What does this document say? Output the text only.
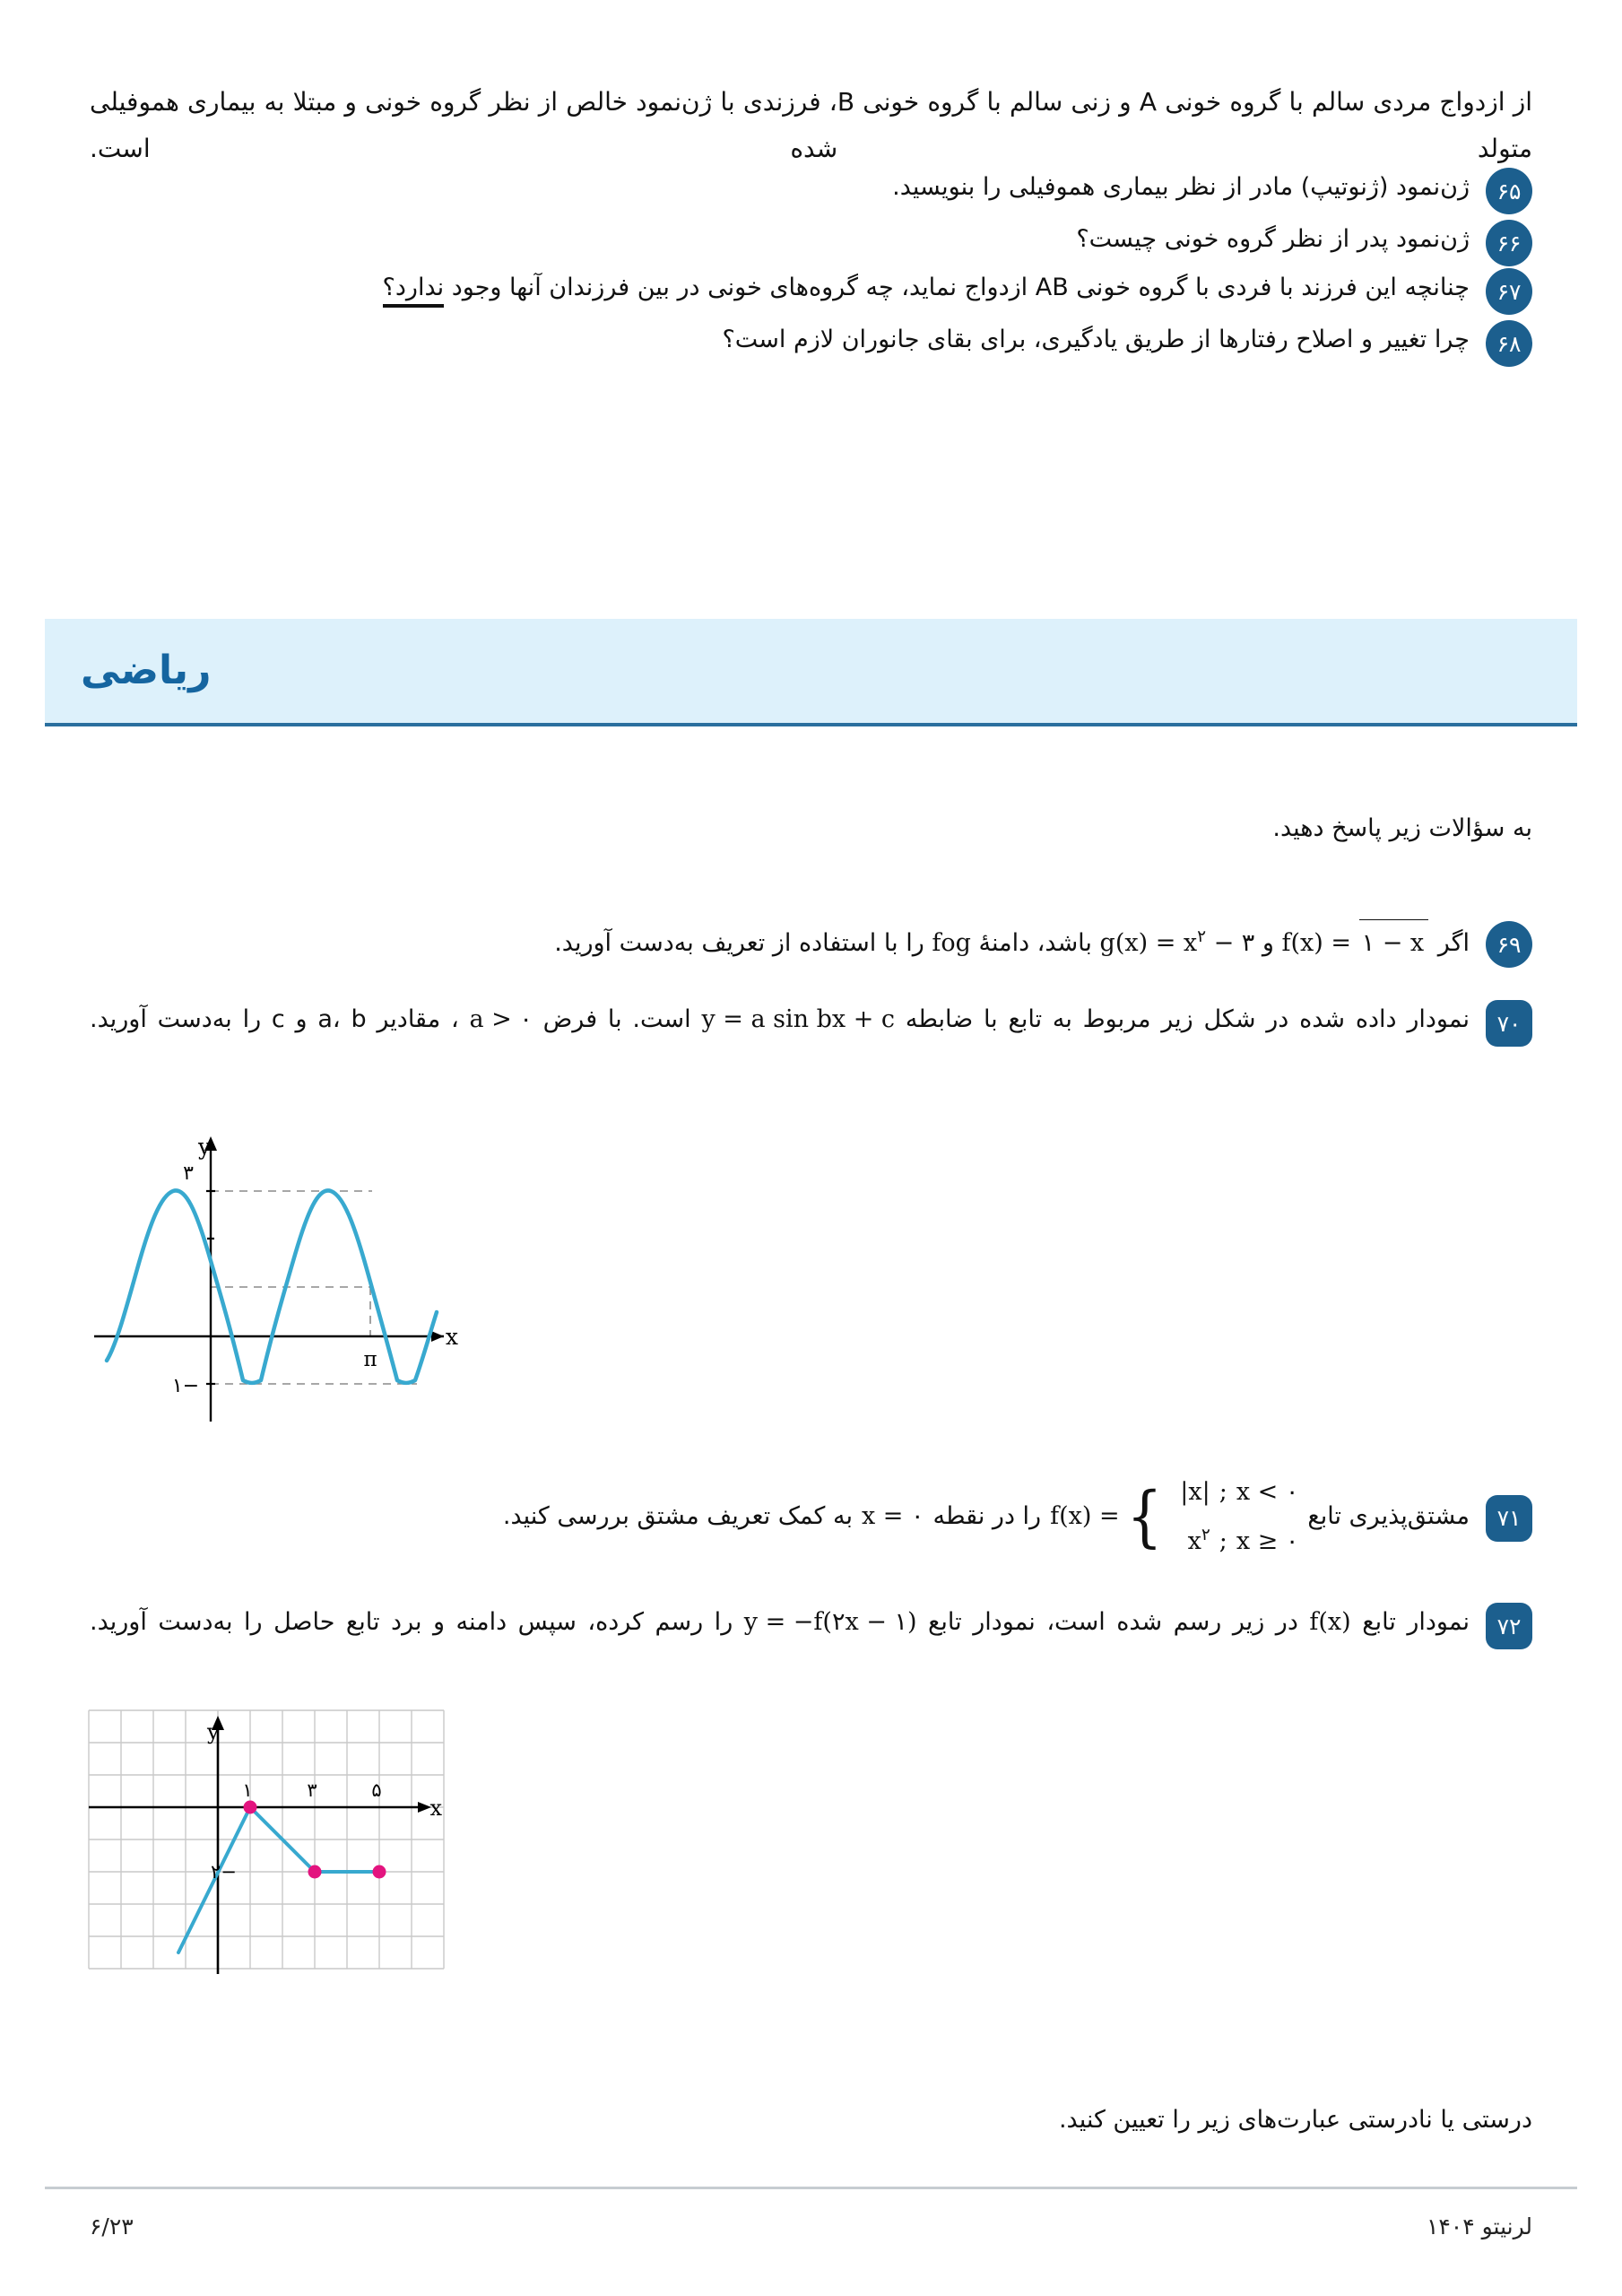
از ازدواج مردی سالم با گروه خونی A و زنی سالم با گروه خونی B، فرزندی با ژن‌نمود خالص از نظر گروه خونی و مبتلا به بیماری هموفیلی متولد شده است.
۶۵
ژن‌نمود (ژنوتیپ) مادر از نظر بیماری هموفیلی را بنویسید.
۶۶
ژن‌نمود پدر از نظر گروه خونی چیست؟
۶۷
چنانچه این فرزند با فردی با گروه خونی AB ازدواج نماید، چه گروه‌های خونی در بین فرزندان آنها وجود ندارد؟
۶۸
چرا تغییر و اصلاح رفتارها از طریق یادگیری، برای بقای جانوران لازم است؟
ریاضی
به سؤالات زیر پاسخ دهید.
۶۹
اگر f(x) = ۱ − x و $g(x) = x^۲$ − ۳ باشد، دامنهٔ fog را با استفاده از تعریف به‌دست آورید.
۷۰
نمودار داده شده در شکل زیر مربوط به تابع با ضابطه y = a sin bx + c است. با فرض a > ۰ ، مقادیر a، b و c را به‌دست آورید.
۳
−۱
π
y
x
۷۱
مشتق‌پذیری تابع
f(x) = { |x| ; x < ۰
$x^۲$ ; x ≥ ۰
را در نقطه
x = ۰
به کمک تعریف مشتق بررسی کنید.
۷۲
نمودار تابع f(x) در زیر رسم شده است، نمودار تابع y = −f(۲x − ۱) را رسم کرده، سپس دامنه و برد تابع حاصل را به‌دست آورید.
۱	۳	۵
−۲
y
x
درستی یا نادرستی عبارت‌های زیر را تعیین کنید.
لرنیتو ۱۴۰۴
۶/۲۳
